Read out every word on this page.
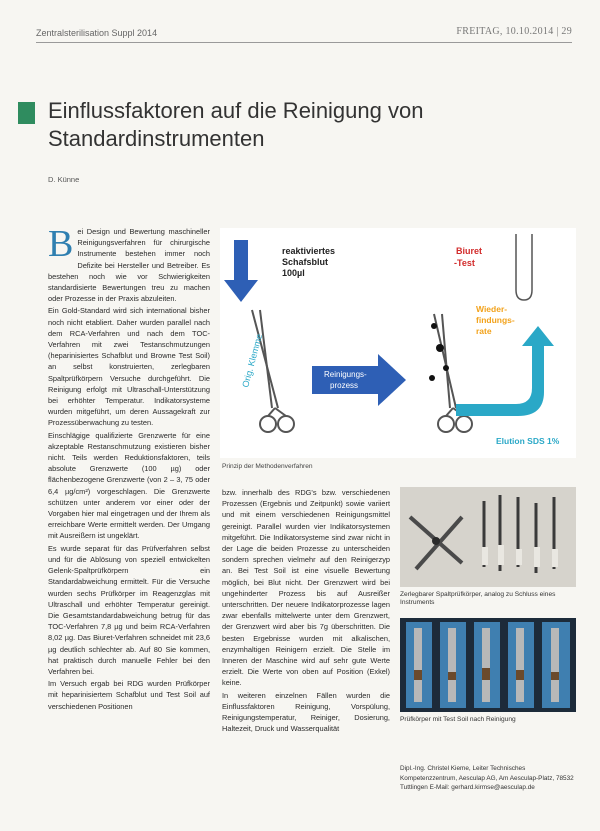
Zentralsterilisation Suppl 2014	FREITAG, 10.10.2014 | 29
Einflussfaktoren auf die Reinigung von Standardinstrumenten

D. Künne

Bei Design und Bewertung maschineller Reinigungsverfahren für chirurgische Instrumente bestehen immer noch Defizite bei Hersteller und Betreiber. Es bestehen noch wie vor Schwierigkeiten standardisierte Bewertungen treu zu machen oder Prozesse in der Praxis abzuleiten.

Ein Gold-Standard wird sich international bisher noch nicht etabliert. Daher wurden parallel nach dem RCA-Verfahren und nach dem TOC-Verfahren mit zwei Testanschmutzungen (heparinisiertes Schafblut und Browne Test Soil) an selbst konstruierten, zerlegbaren Spaltprüfkörpern Versuche durchgeführt. Die Reinigung erfolgt mit Ultraschall-Unterstützung bei erhöhter Temperatur. Indikatorsysteme wurden mitgeführt, um deren Aussagekraft zur Prozessüberwachung zu testen.

Einschlägige qualifizierte Grenzwerte für eine akzeptable Restanschmutzung existieren bisher nicht. Teils werden Reduktionsfaktoren, teils absolute Grenzwerte (100 µg) oder flächenbezogene Grenzwerte (von 2 – 3, 75 oder 6,4 µg/cm²) vorgeschlagen. Die Grenzwerte schützen unter anderem vor einer oder der Vorgaben hier mal eingetragen und der Ihrem als erreichbare Werte ermittelt werden. Der Umgang mit Ausreißern ist ungeklärt.

Es wurde separat für das Prüfverfahren selbst und für die Ablösung von speziell entwickelten Gelenk-Spaltprüfkörpern ein Standardabweichung ermittelt. Für die Versuche wurden sechs Prüfkörper im Reagenzglas mit Ultraschall und erhöhter Temperatur gereinigt. Die Gesamtstandardabweichung betrug für das TOC-Verfahren 7,8 µg und beim RCA-Verfahren 8,02 µg. Das Biuret-Verfahren schneidet mit 23,6 µg deutlich schlechter ab. Auf 80 Sie kommen, hat praktisch durch manuelle Fehler bei den Verfahren bei.

Im Versuch ergab bei RDG wurden Prüfkörper mit heparinisiertem Schafblut und Test Soil auf verschiedenen Positionen

reaktiviertes Schafsblut 100µl
Orig. Klemme	Reinigungs-
prozess
Biuret -Test
Wieder- findungs- rate
Elution SDS 1%
Prinzip der Methodenverfahren

bzw. innerhalb des RDG's bzw. verschiedenen Prozessen (Ergebnis und Zeitpunkt) sowie variiert und mit einem verschiedenen Reinigungsmittel gereinigt. Parallel wurden vier Indikatorsystemen mitgeführt. Die Indikatorsysteme sind zwar nicht in der Lage die beiden Prozesse zu unterscheiden sondern sprechen vielmehr auf den Reinigerzyp an. Bei Test Soil ist eine visuelle Bewertung möglich, bei Blut nicht. Der Grenzwert wird bei ungehinderter Prozess bis auf Ausreißer unterschritten. Der neuere Indikatorprozesse lagen zwar ebenfalls mittelwerte unter dem Grenzwert, der Grenzwert wird aber bis 7g überschritten. Die besten Ergebnisse wurden mit alkalischen, enzymhaltigen Reinigern erzielt. Die Stelle im Inneren der Maschine wird auf sehr gute Werte erzielt. Die Werte von oben auf Position (Exkel) keine.

In weiteren einzelnen Fällen wurden die Einflussfaktoren Reinigung, Vorspülung, Reinigungstemperatur, Reiniger, Dosierung, Haltezeit, Druck und Wasserqualität

Zerlegbarer Spaltprüfkörper, analog zu Schluss eines Instruments
Prüfkörper mit Test Soil nach Reinigung
Dipl.-Ing. Christel Kieme, Leiter Technisches Kompetenzzentrum, Aesculap AG, Am Aesculap-Platz, 78532 Tuttlingen E-Mail: gerhard.kirmse@aesculap.de
